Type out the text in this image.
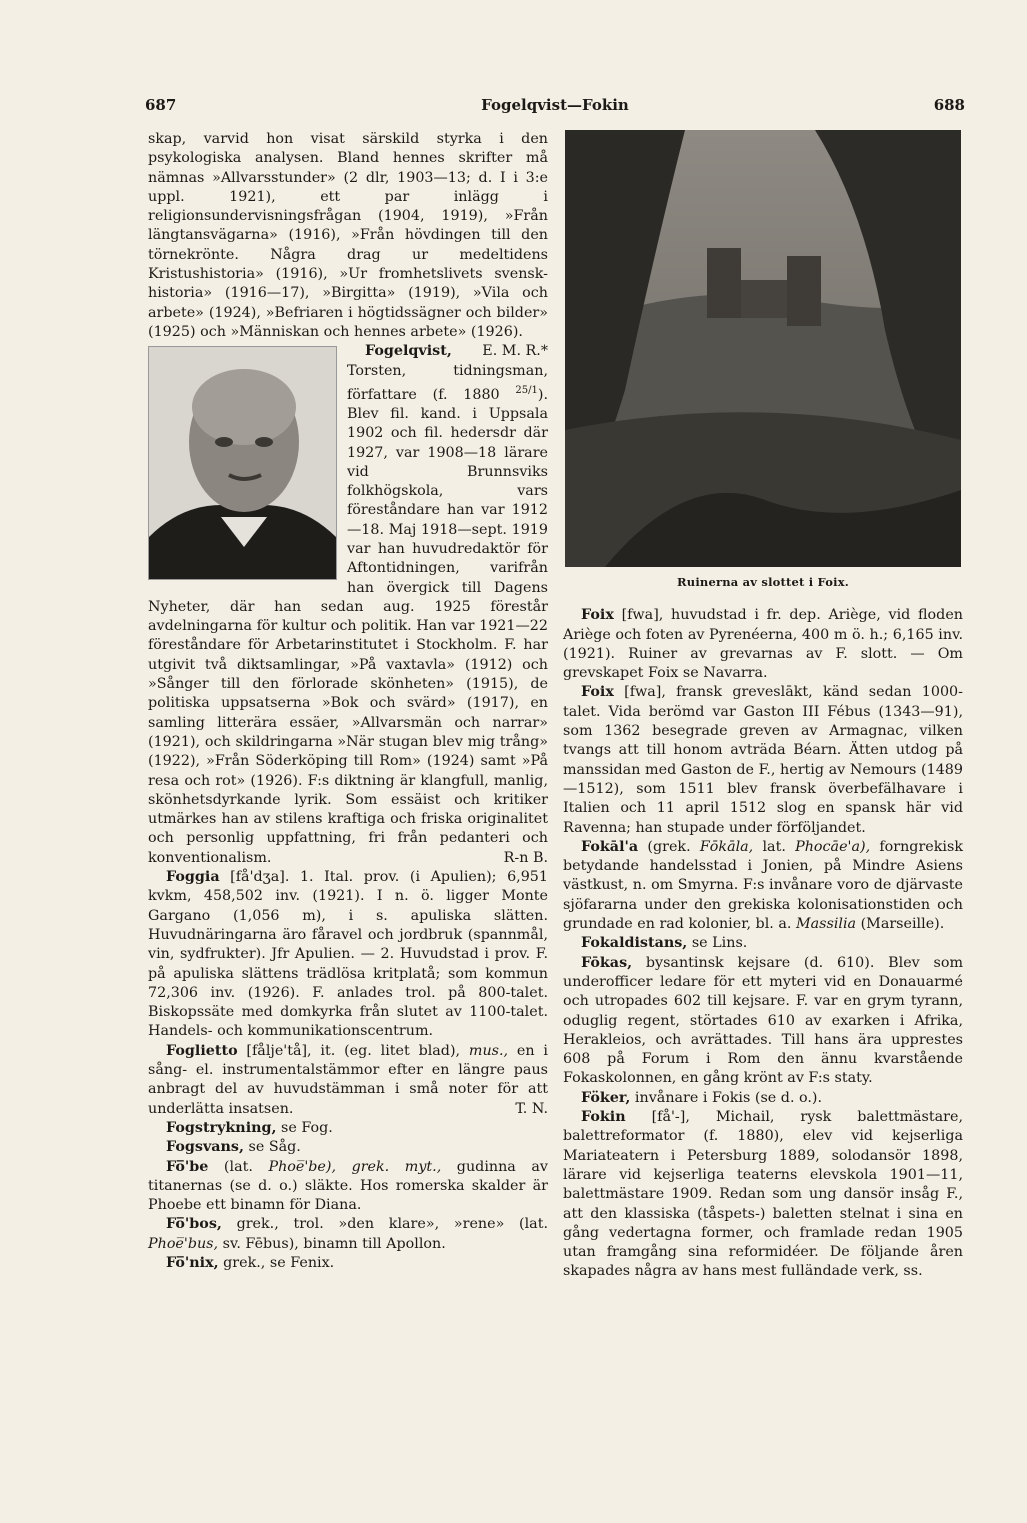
687	Fogelqvist—Fokin	688

skap, varvid hon visat särskild styrka i den psykologiska analysen. Bland hennes skrifter må nämnas »Allvarsstunder» (2 dlr, 1903—13; d. I i 3:e uppl. 1921), ett par inlägg i religionsundervisningsfrågan (1904, 1919), »Från längtansvägarna» (1916), »Från hövdingen till den törnekrönte. Några drag ur medeltidens Kristushistoria» (1916), »Ur fromhetslivets svensk-historia» (1916—17), »Birgitta» (1919), »Vila och arbete» (1924), »Befriaren i högtidssägner och bilder» (1925) och »Människan och hennes arbete» (1926).
E. M. R.*

Fogelqvist, Torsten,	tidningsman, författare (f. 1880 $^{25/1}$). Blev fil. kand. i Uppsala 1902 och fil. hedersdr där 1927, var 1908—18 lärare vid Brunnsviks folkhögskola, vars föreståndare han var 1912 —18. Maj 1918—sept. 1919 var han huvudredaktör för Aftontidningen, varifrån han övergick till Dagens Nyheter, där han sedan aug. 1925 förestår avdelningarna för kultur och politik. Han var 1921—22 föreståndare för Arbetarinstitutet i Stockholm. F. har utgivit två diktsamlingar, »På vaxtavla» (1912) och »Sånger till den förlorade skönheten» (1915), de politiska uppsatserna »Bok och svärd» (1917), en samling litterära essäer, »Allvarsmän och narrar» (1921), och skildringarna »När stugan blev mig trång» (1922), »Från Söderköping till Rom» (1924) samt »På resa och rot» (1926). F:s diktning är klangfull, manlig, skönhetsdyrkande lyrik. Som essäist och kritiker utmärkes han av stilens kraftiga och friska originalitet och personlig uppfattning, fri från pedanteri och konventionalism.	R-n B.

Foggia [få'dʒa]. 1. Ital. prov. (i Apulien); 6,951 kvkm, 458,502 inv. (1921). I n. ö. ligger Monte Gargano (1,056 m), i s. apuliska slätten. Huvudnäringarna äro fåravel och jordbruk (spannmål, vin, sydfrukter). Jfr Apulien. — 2. Huvudstad i prov. F. på apuliska slättens trädlösa kritplatå; som kommun 72,306 inv. (1926). F. anlades trol. på 800-talet. Biskopssäte med domkyrka från slutet av 1100-talet. Handels- och kommunikationscentrum.

Foglietto [fålje'tå], it. (eg. litet blad), mus., en i sång- el. instrumentalstämmor efter en längre paus anbragt del av huvudstämman i små noter för att underlätta insatsen.	T. N.

Fogstrykning, se Fog.

Fogsvans, se Såg.

Fo̅'be (lat. Phoe̅'be), grek. myt., gudinna av titanernas (se d. o.) släkte. Hos romerska skalder är Phoebe ett binamn för Diana.

Fo̅'bos, grek., trol. »den klare», »rene» (lat. Phoe̅'bus, sv. Fēbus), binamn till Apollon.

Fo̅'nix, grek., se Fenix.

Ruinerna av slottet i Foix.

Foix [fwa], huvudstad i fr. dep. Ariège, vid floden Ariège och foten av Pyrenéerna, 400 m ö. h.; 6,165 inv. (1921). Ruiner av grevarnas av F. slott. — Om grevskapet Foix se Navarra.

Foix [fwa], fransk greveslākt, känd sedan 1000-talet. Vida berömd var Gaston III Fébus (1343—91), som 1362 besegrade greven av Armagnac, vilken tvangs att till honom avträda Béarn. Ätten utdog på manssidan med Gaston de F., hertig av Nemours (1489—1512), som 1511 blev fransk överbefälhavare i Italien och 11 april 1512 slog en spansk här vid Ravenna; han stupade under förföljandet.

Fokāl'a (grek. Fōkāla, lat. Phocāe'a), forngrekisk betydande handelsstad i Jonien, på Mindre Asiens västkust, n. om Smyrna. F:s invånare voro de djärvaste sjöfararna under den grekiska kolonisationstiden och grundade en rad kolonier, bl. a. Massilia (Marseille).

Fokaldistans, se Lins.

Fōkas, bysantinsk kejsare (d. 610). Blev som underofficer ledare för ett myteri vid en Donauarmé och utropades 602 till kejsare. F. var en grym tyrann, oduglig regent, störtades 610 av exarken i Afrika, Herakleios, och avrättades. Till hans ära upprestes 608 på Forum i Rom den ännu kvarstående Fokaskolonnen, en gång krönt av F:s staty.

Föker, invånare i Fokis (se d. o.).

Fokin [få'-], Michail, rysk balettmästare, balettreformator (f. 1880), elev vid kejserliga Mariateatern i Petersburg 1889, solodansör 1898, lärare vid kejserliga teaterns elevskola 1901—11, balettmästare 1909. Redan som ung dansör insåg F., att den klassiska (tåspets-) baletten stelnat i sina en gång vedertagna former, och framlade redan 1905 utan framgång sina reformidéer. De följande åren skapades några av hans mest fulländade verk, ss.
